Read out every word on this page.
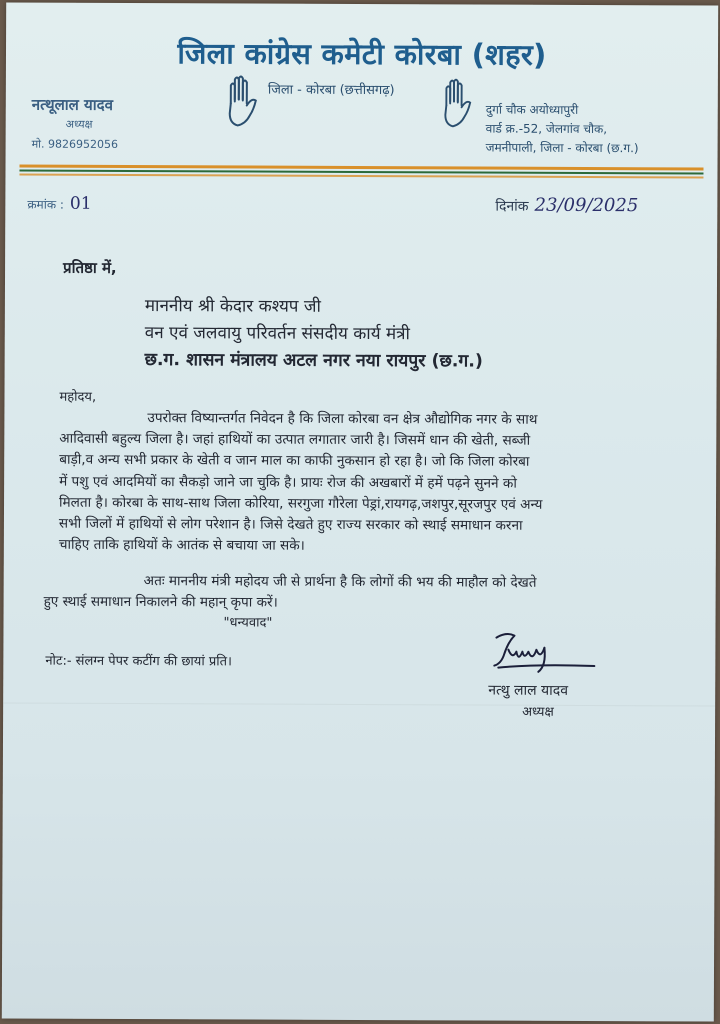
जिला कांग्रेस कमेटी कोरबा (शहर)
जिला - कोरबा (छत्तीसगढ़)
नत्थूलाल यादव
अध्यक्ष
मो. 9826952056
दुर्गा चौक अयोध्यापुरी
वार्ड क्र.-52, जेलगांव चौक,
जमनीपाली, जिला - कोरबा (छ.ग.)
क्रमांक : 01	दिनांक 23/09/2025
प्रतिष्ठा में,
माननीय श्री केदार कश्यप जी
वन एवं जलवायु परिवर्तन संसदीय कार्य मंत्री
छ.ग. शासन मंत्रालय अटल नगर नया रायपुर (छ.ग.)
महोदय,
उपरोक्त विष्यान्तर्गत निवेदन है कि जिला कोरबा वन क्षेत्र औद्योगिक नगर के साथ
आदिवासी बहुल्य जिला है। जहां हाथियों का उत्पात लगातार जारी है। जिसमें धान की खेती, सब्जी
बाड़ी,व अन्य सभी प्रकार के खेती व जान माल का काफी नुकसान हो रहा है। जो कि जिला कोरबा
में पशु एवं आदमियों का सैकड़ो जाने जा चुकि है। प्रायः रोज की अखबारों में हमें पढ़ने सुनने को
मिलता है। कोरबा के साथ-साथ जिला कोरिया, सरगुजा गौरेला पेड्रां,रायगढ़,जशपुर,सूरजपुर एवं अन्य
सभी जिलों में हाथियों से लोग परेशान है। जिसे देखते हुए राज्य सरकार को स्थाई समाधान करना
चाहिए ताकि हाथियों के आतंक से बचाया जा सके।
अतः माननीय मंत्री महोदय जी से प्रार्थना है कि लोगों की भय की माहौल को देखते
हुए स्थाई समाधान निकालने की महान् कृपा करें।
"धन्यवाद"
नोट:- संलग्न पेपर कटींग की छायां प्रति।
नत्थु लाल यादव
अध्यक्ष
